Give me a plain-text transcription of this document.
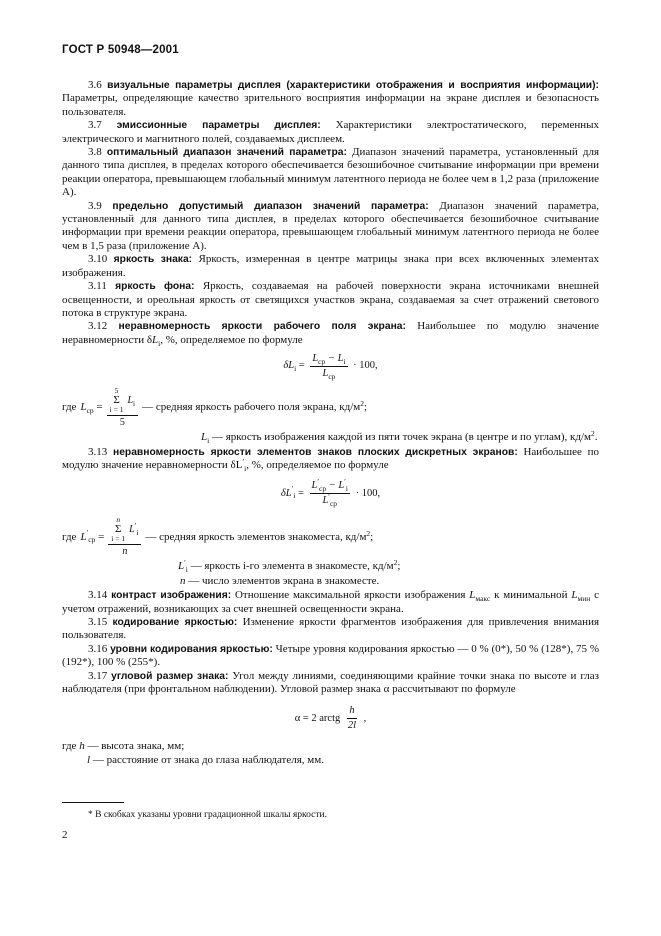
ГОСТ Р 50948—2001

3.6 визуальные параметры дисплея (характеристики отображения и восприятия информации): Параметры, определяющие качество зрительного восприятия информации на экране дисплея и безопасность пользователя.

3.7 эмиссионные параметры дисплея: Характеристики электростатического, переменных электрического и магнитного полей, создаваемых дисплеем.

3.8 оптимальный диапазон значений параметра: Диапазон значений параметра, установленный для данного типа дисплея, в пределах которого обеспечивается безошибочное считывание информации при времени реакции оператора, превышающем глобальный минимум латентного периода не более чем в 1,2 раза (приложение А).

3.9 предельно допустимый диапазон значений параметра: Диапазон значений параметра, установленный для данного типа дисплея, в пределах которого обеспечивается безошибочное считывание информации при времени реакции оператора, превышающем глобальный минимум латентного периода не более чем в 1,5 раза (приложение А).

3.10 яркость знака: Яркость, измеренная в центре матрицы знака при всех включенных элементах изображения.

3.11 яркость фона: Яркость, создаваемая на рабочей поверхности экрана источниками внешней освещенности, и ореольная яркость от светящихся участков экрана, создаваемая за счет отражений светового потока в структуре экрана.

3.12 неравномерность яркости рабочего поля экрана: Наибольшее по модулю значение неравномерности $\delta L_i$, %, определяемое по формуле

$\delta L_i = \frac{L_{ср} - L_i}{L_{ср}} \cdot 100$,
где $L_{ср} = 5$
Σ
i = 1
$L_i$
5 — средняя яркость рабочего поля экрана, $кд/м^2$;

$L_i$ — яркость изображения каждой из пяти точек экрана (в центре и по углам), $кд/м^2$.

3.13 неравномерность яркости элементов знаков плоских дискретных экранов: Наибольшее по модулю значение неравномерности $\delta L'_i$, %, определяемое по формуле

δL′
$_i = \frac{L'_{ср} - L'_i}{L'_{ср}} \cdot 100$,
где L′
$_{ср}$ = n
Σ
i = 1
L′
$_i$
n — средняя яркость элементов знакоместа, $кд/м^2$;

$L'_i$ — яркость i-го элемента в знакоместе, $кд/м^2$;

n — число элементов экрана в знакоместе.

3.14 контраст изображения: Отношение максимальной яркости изображения $L_{макс}$ к минимальной $L_{мин}$ с учетом отражений, возникающих за счет внешней освещенности экрана.

3.15 кодирование яркостью: Изменение яркости фрагментов изображения для привлечения внимания пользователя.

3.16 уровни кодирования яркостью: Четыре уровня кодирования яркостью — 0 % (0*), 50 % (128*), 75 % (192*), 100 % (255*).

3.17 угловой размер знака: Угол между линиями, соединяющими крайние точки знака по высоте и глаз наблюдателя (при фронтальном наблюдении). Угловой размер знака α рассчитывают по формуле

α = 2 arctg $\frac{h}{2l}$ ,

где h — высота знака, мм;

l — расстояние от знака до глаза наблюдателя, мм.

* В скобках указаны уровни градационной шкалы яркости.
2
